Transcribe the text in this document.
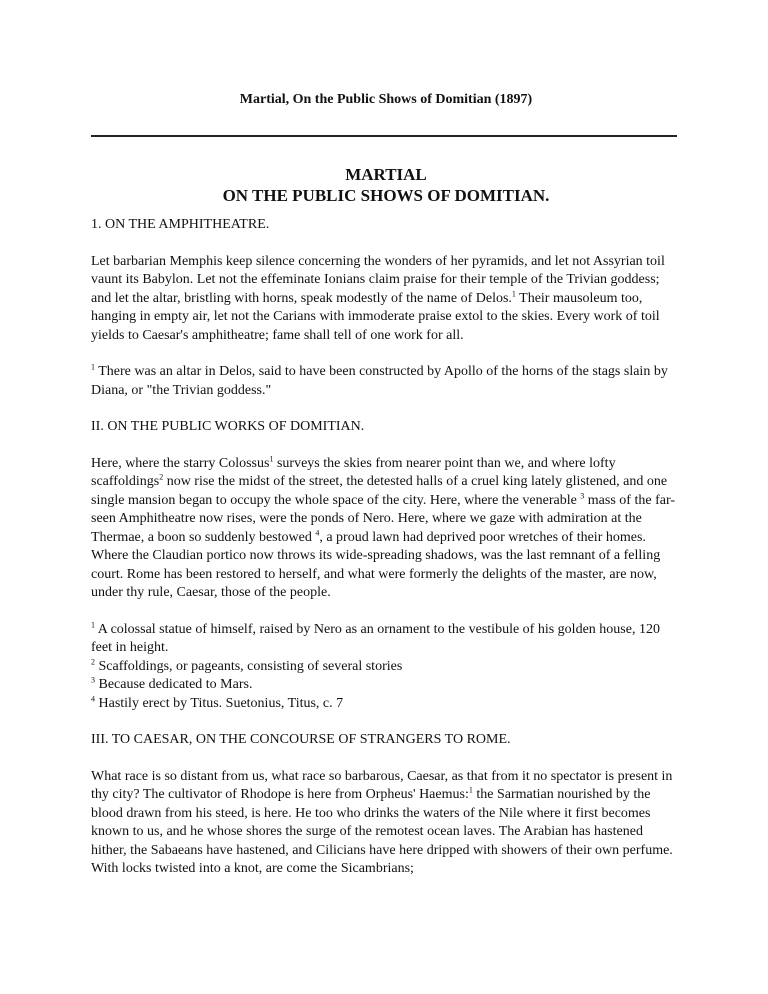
Martial, On the Public Shows of Domitian (1897)
MARTIAL
ON THE PUBLIC SHOWS OF DOMITIAN.
1. ON THE AMPHITHEATRE.

Let barbarian Memphis keep silence concerning the wonders of her pyramids, and let not Assyrian toil vaunt its Babylon. Let not the effeminate Ionians claim praise for their temple of the Trivian goddess; and let the altar, bristling with horns, speak modestly of the name of Delos.$^1$ Their mausoleum too, hanging in empty air, let not the Carians with immoderate praise extol to the skies. Every work of toil yields to Caesar's amphitheatre; fame shall tell of one work for all.

$^1$ There was an altar in Delos, said to have been constructed by Apollo of the horns of the stags slain by Diana, or "the Trivian goddess."

II. ON THE PUBLIC WORKS OF DOMITIAN.

Here, where the starry Colossus$^1$ surveys the skies from nearer point than we, and where lofty scaffoldings$^2$ now rise the midst of the street, the detested halls of a cruel king lately glistened, and one single mansion began to occupy the whole space of the city. Here, where the venerable $^3$ mass of the far-seen Amphitheatre now rises, were the ponds of Nero. Here, where we gaze with admiration at the Thermae, a boon so suddenly bestowed $^4$, a proud lawn had deprived poor wretches of their homes. Where the Claudian portico now throws its wide-spreading shadows, was the last remnant of a felling court. Rome has been restored to herself, and what were formerly the delights of the master, are now, under thy rule, Caesar, those of the people.

$^1$ A colossal statue of himself, raised by Nero as an ornament to the vestibule of his golden house, 120 feet in height.
$^2$ Scaffoldings, or pageants, consisting of several stories
$^3$ Because dedicated to Mars.
$^4$ Hastily erect by Titus. Suetonius, Titus, c. 7
III. TO CAESAR, ON THE CONCOURSE OF STRANGERS TO ROME.

What race is so distant from us, what race so barbarous, Caesar, as that from it no spectator is present in thy city? The cultivator of Rhodope is here from Orpheus' Haemus:$^1$ the Sarmatian nourished by the blood drawn from his steed, is here. He too who drinks the waters of the Nile where it first becomes known to us, and he whose shores the surge of the remotest ocean laves. The Arabian has hastened hither, the Sabaeans have hastened, and Cilicians have here dripped with showers of their own perfume. With locks twisted into a knot, are come the Sicambrians;
